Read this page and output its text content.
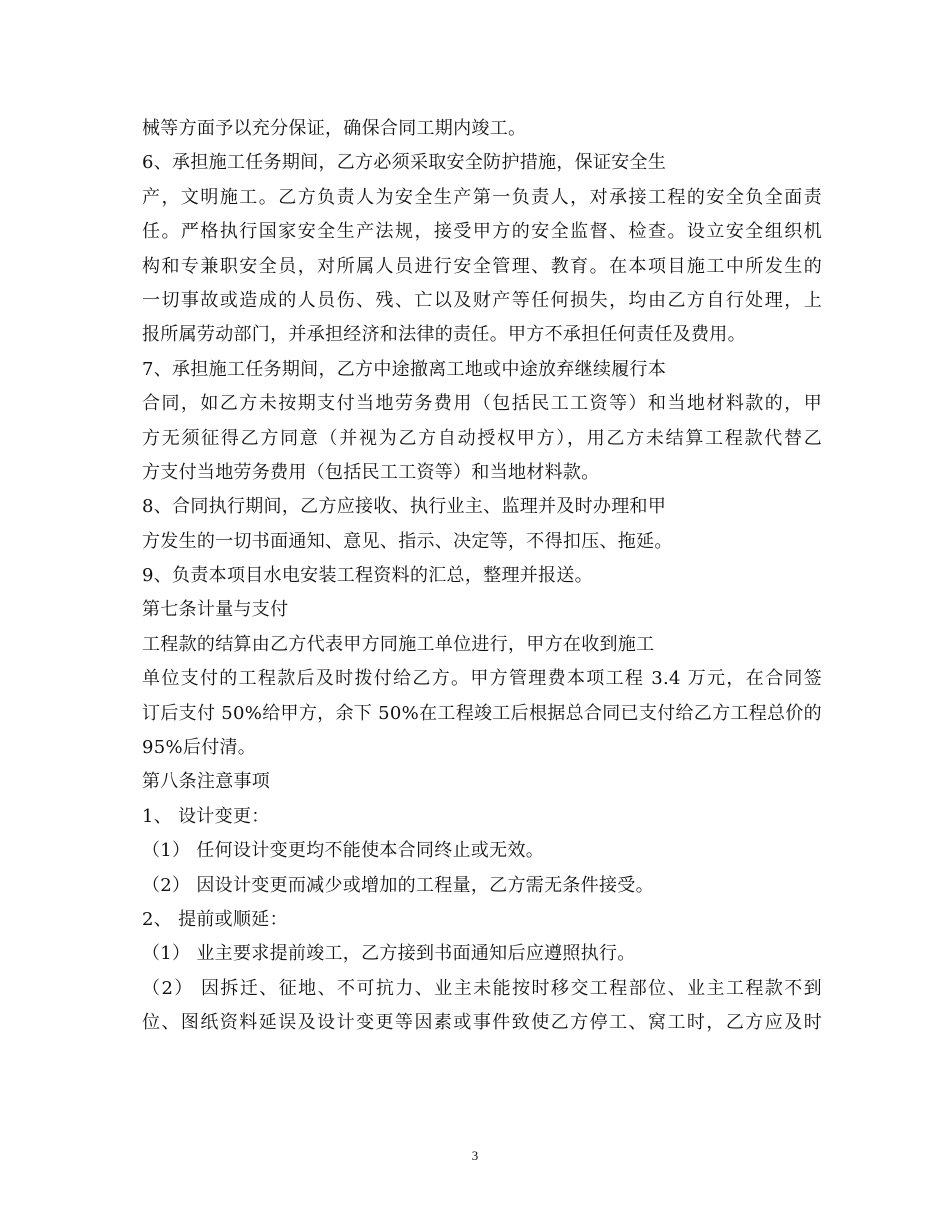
械等方面予以充分保证，确保合同工期内竣工。
6、承担施工任务期间，乙方必须采取安全防护措施，保证安全生
产，文明施工。乙方负责人为安全生产第一负责人，对承接工程的安全负全面责
任。严格执行国家安全生产法规，接受甲方的安全监督、检查。设立安全组织机
构和专兼职安全员，对所属人员进行安全管理、教育。在本项目施工中所发生的
一切事故或造成的人员伤、残、亡以及财产等任何损失，均由乙方自行处理，上
报所属劳动部门，并承担经济和法律的责任。甲方不承担任何责任及费用。
7、承担施工任务期间，乙方中途撤离工地或中途放弃继续履行本
合同，如乙方未按期支付当地劳务费用（包括民工工资等）和当地材料款的，甲
方无须征得乙方同意（并视为乙方自动授权甲方），用乙方未结算工程款代替乙
方支付当地劳务费用（包括民工工资等）和当地材料款。
8、合同执行期间，乙方应接收、执行业主、监理并及时办理和甲
方发生的一切书面通知、意见、指示、决定等，不得扣压、拖延。
9、负责本项目水电安装工程资料的汇总，整理并报送。
第七条计量与支付
工程款的结算由乙方代表甲方同施工单位进行，甲方在收到施工
单位支付的工程款后及时拨付给乙方。甲方管理费本项工程 3.4 万元，在合同签
订后支付 50%给甲方，余下 50%在工程竣工后根据总合同已支付给乙方工程总价的
95%后付清。
第八条注意事项
1、 设计变更：
（1） 任何设计变更均不能使本合同终止或无效。
（2） 因设计变更而减少或增加的工程量，乙方需无条件接受。
2、 提前或顺延：
（1） 业主要求提前竣工，乙方接到书面通知后应遵照执行。
（2） 因拆迁、征地、不可抗力、业主未能按时移交工程部位、业主工程款不到
位、图纸资料延误及设计变更等因素或事件致使乙方停工、窝工时，乙方应及时
3
